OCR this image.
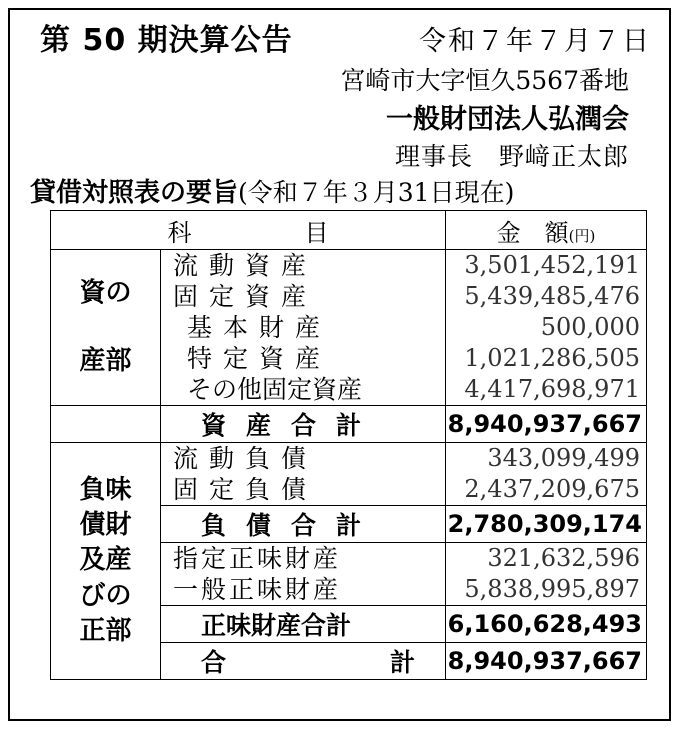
第 50 期決算公告	令和７年７月７日
宮崎市大字恒久5567番地
一般財団法人弘潤会
理事長　野﨑正太郎
貸借対照表の要旨(令和７年３月31日現在)
科 目		金　額(円)

資の
産部	流動資産	3,501,452,191

	固定資産	5,439,485,476

	基本財産	500,000

	特定資産	1,021,286,505

	その他固定資産	4,417,698,971

	資産合計	8,940,937,667

負味
債財
及産
びの
正部	流動負債	343,099,499

	固定負債	2,437,209,675

	負債合計	2,780,309,174

	指定正味財産	321,632,596

	一般正味財産	5,838,995,897

	正味財産合計	6,160,628,493

	合 計	8,940,937,667
